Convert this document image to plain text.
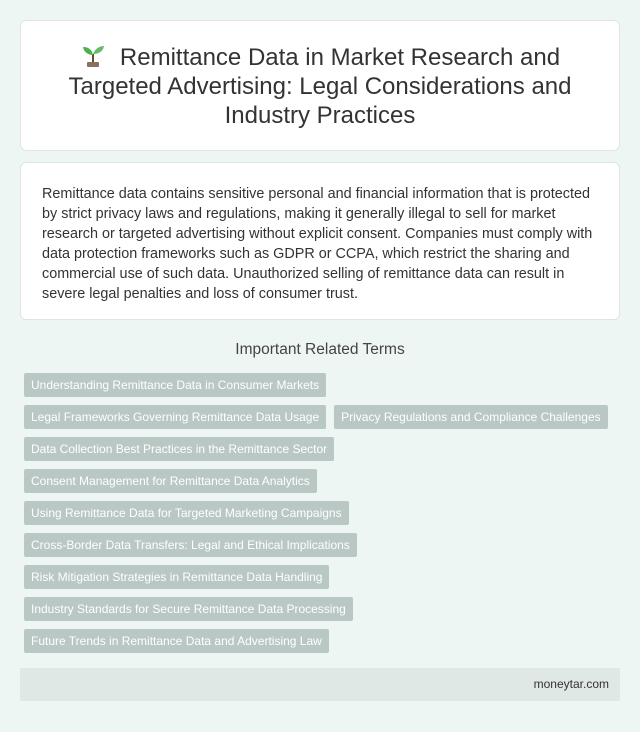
Remittance Data in Market Research and Targeted Advertising: Legal Considerations and Industry Practices

Remittance data contains sensitive personal and financial information that is protected by strict privacy laws and regulations, making it generally illegal to sell for market research or targeted advertising without explicit consent. Companies must comply with data protection frameworks such as GDPR or CCPA, which restrict the sharing and commercial use of such data. Unauthorized selling of remittance data can result in severe legal penalties and loss of consumer trust.

Important Related Terms
Understanding Remittance Data in Consumer Markets
Legal Frameworks Governing Remittance Data Usage	Privacy Regulations and Compliance Challenges
Data Collection Best Practices in the Remittance Sector
Consent Management for Remittance Data Analytics
Using Remittance Data for Targeted Marketing Campaigns
Cross-Border Data Transfers: Legal and Ethical Implications
Risk Mitigation Strategies in Remittance Data Handling
Industry Standards for Secure Remittance Data Processing
Future Trends in Remittance Data and Advertising Law
moneytar.com
